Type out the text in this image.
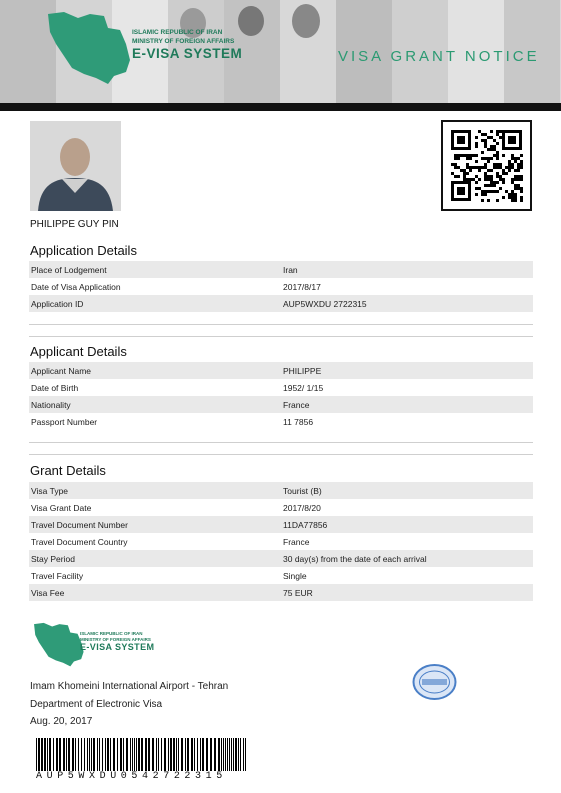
ISLAMIC REPUBLIC OF IRAN
MINISTRY OF FOREIGN AFFAIRS
E-VISA SYSTEM	VISA GRANT NOTICE
PHILIPPE GUY PIN
Application Details
Place of Lodgement	Iran
Date of Visa Application	2017/8/17
Application ID	AUP5WXDU 2722315
Applicant Details
Applicant Name	PHILIPPE
Date of Birth	1952/ 1/15
Nationality	France
Passport Number	11 7856
Grant Details
Visa Type	Tourist (B)
Visa Grant Date	2017/8/20
Travel Document Number	11DA77856
Travel Document Country	France
Stay Period	30 day(s) from the date of each arrival
Travel Facility	Single
Visa Fee	75 EUR
ISLAMIC REPUBLIC OF IRAN
MINISTRY OF FOREIGN AFFAIRS
E-VISA SYSTEM
Imam Khomeini International Airport - Tehran
Department of Electronic Visa
Aug. 20, 2017
AUP5WXDU0542722315
